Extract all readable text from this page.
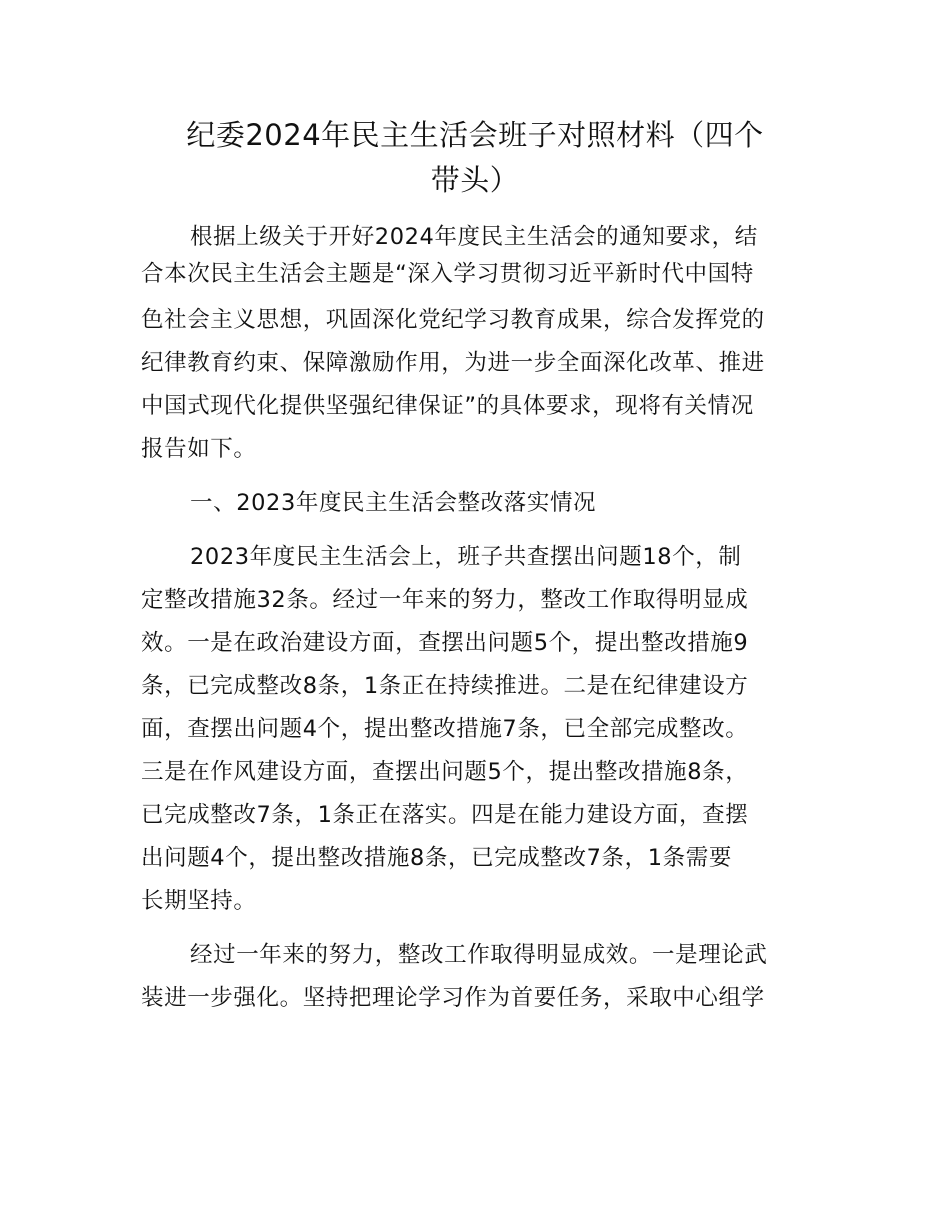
纪委2024年民主生活会班子对照材料（四个
带头）
根据上级关于开好2024年度民主生活会的通知要求，结
合本次民主生活会主题是“深入学习贯彻习近平新时代中国特
色社会主义思想，巩固深化党纪学习教育成果，综合发挥党的
纪律教育约束、保障激励作用，为进一步全面深化改革、推进
中国式现代化提供坚强纪律保证”的具体要求，现将有关情况
报告如下。
一、2023年度民主生活会整改落实情况
2023年度民主生活会上，班子共查摆出问题18个，制
定整改措施32条。经过一年来的努力，整改工作取得明显成
效。一是在政治建设方面，查摆出问题5个，提出整改措施9
条，已完成整改8条，1条正在持续推进。二是在纪律建设方
面，查摆出问题4个，提出整改措施7条，已全部完成整改。
三是在作风建设方面，查摆出问题5个，提出整改措施8条，
已完成整改7条，1条正在落实。四是在能力建设方面，查摆
出问题4个，提出整改措施8条，已完成整改7条，1条需要
长期坚持。
经过一年来的努力，整改工作取得明显成效。一是理论武
装进一步强化。坚持把理论学习作为首要任务，采取中心组学
